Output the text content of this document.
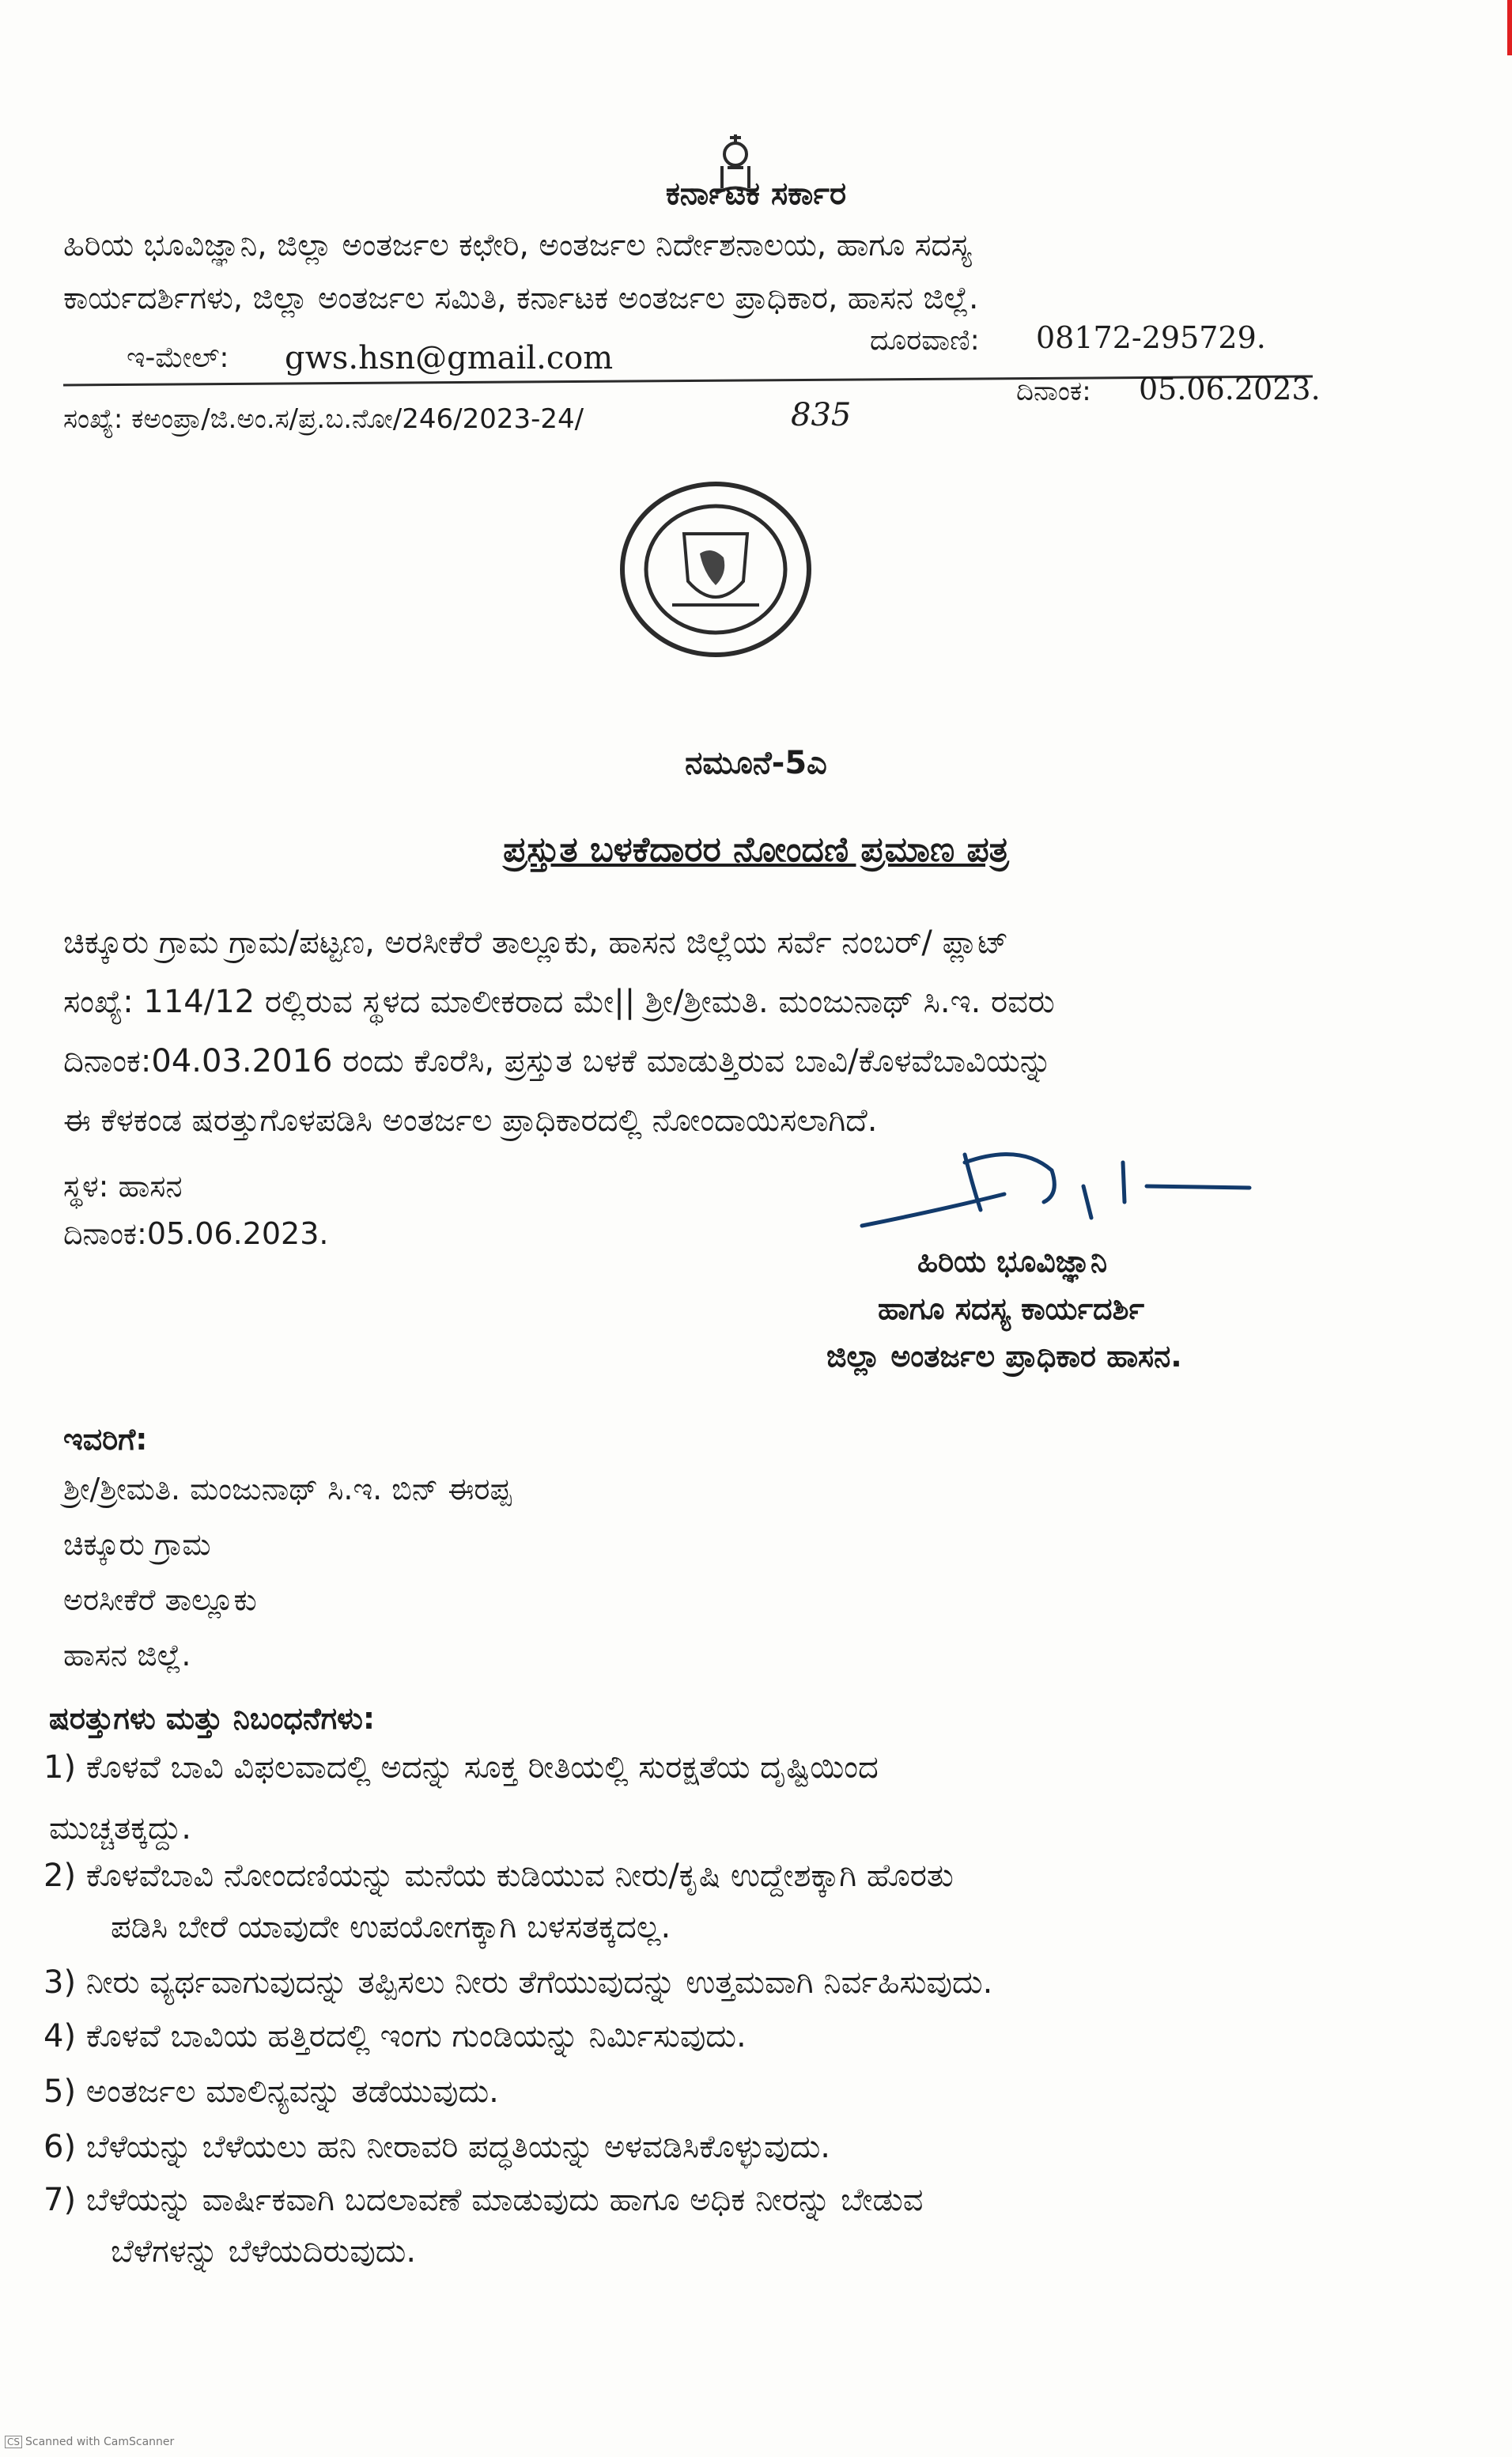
ಕರ್ನಾಟಕ ಸರ್ಕಾರ
ಹಿರಿಯ ಭೂವಿಜ್ಞಾನಿ, ಜಿಲ್ಲಾ ಅಂತರ್ಜಲ ಕಛೇರಿ, ಅಂತರ್ಜಲ ನಿರ್ದೇಶನಾಲಯ, ಹಾಗೂ ಸದಸ್ಯ
ಕಾರ್ಯದರ್ಶಿಗಳು, ಜಿಲ್ಲಾ ಅಂತರ್ಜಲ ಸಮಿತಿ, ಕರ್ನಾಟಕ ಅಂತರ್ಜಲ ಪ್ರಾಧಿಕಾರ, ಹಾಸನ ಜಿಲ್ಲೆ.
ಇ-ಮೇಲ್: gws.hsn@gmail.com	ದೂರವಾಣಿ: 08172-295729.
ಸಂಖ್ಯೆ: ಕಅಂಪ್ರಾ/ಜಿ.ಅಂ.ಸ/ಪ್ರ.ಬ.ನೋ/246/2023-24/	835
ದಿನಾಂಕ: 05.06.2023.
ನಮೂನೆ-5ಎ
ಪ್ರಸ್ತುತ ಬಳಕೆದಾರರ ನೋಂದಣಿ ಪ್ರಮಾಣ ಪತ್ರ
ಚಿಕ್ಕೂರು ಗ್ರಾಮ ಗ್ರಾಮ/ಪಟ್ಟಣ, ಅರಸೀಕೆರೆ ತಾಲ್ಲೂಕು, ಹಾಸನ ಜಿಲ್ಲೆಯ ಸರ್ವೆ ನಂಬರ್/ ಪ್ಲಾಟ್
ಸಂಖ್ಯೆ: 114/12 ರಲ್ಲಿರುವ ಸ್ಥಳದ ಮಾಲೀಕರಾದ ಮೇ|| ಶ್ರೀ/ಶ್ರೀಮತಿ. ಮಂಜುನಾಥ್ ಸಿ.ಇ. ರವರು
ದಿನಾಂಕ:04.03.2016 ರಂದು ಕೊರೆಸಿ, ಪ್ರಸ್ತುತ ಬಳಕೆ ಮಾಡುತ್ತಿರುವ ಬಾವಿ/ಕೊಳವೆಬಾವಿಯನ್ನು
ಈ ಕೆಳಕಂಡ ಷರತ್ತುಗೊಳಪಡಿಸಿ ಅಂತರ್ಜಲ ಪ್ರಾಧಿಕಾರದಲ್ಲಿ ನೋಂದಾಯಿಸಲಾಗಿದೆ.
ಸ್ಥಳ: ಹಾಸನ
ದಿನಾಂಕ:05.06.2023.
ಹಿರಿಯ ಭೂವಿಜ್ಞಾನಿ
ಹಾಗೂ ಸದಸ್ಯ ಕಾರ್ಯದರ್ಶಿ
ಜಿಲ್ಲಾ ಅಂತರ್ಜಲ ಪ್ರಾಧಿಕಾರ ಹಾಸನ.
ಇವರಿಗೆ:
ಶ್ರೀ/ಶ್ರೀಮತಿ. ಮಂಜುನಾಥ್ ಸಿ.ಇ. ಬಿನ್ ಈರಪ್ಪ
ಚಿಕ್ಕೂರು ಗ್ರಾಮ
ಅರಸೀಕೆರೆ ತಾಲ್ಲೂಕು
ಹಾಸನ ಜಿಲ್ಲೆ.
ಷರತ್ತುಗಳು ಮತ್ತು ನಿಬಂಧನೆಗಳು:
1) ಕೊಳವೆ ಬಾವಿ ವಿಫಲವಾದಲ್ಲಿ ಅದನ್ನು ಸೂಕ್ತ ರೀತಿಯಲ್ಲಿ ಸುರಕ್ಷತೆಯ ದೃಷ್ಟಿಯಿಂದ
ಮುಚ್ಚತಕ್ಕದ್ದು.
2) ಕೊಳವೆಬಾವಿ ನೋಂದಣಿಯನ್ನು ಮನೆಯ ಕುಡಿಯುವ ನೀರು/ಕೃಷಿ ಉದ್ದೇಶಕ್ಕಾಗಿ ಹೊರತು
ಪಡಿಸಿ ಬೇರೆ ಯಾವುದೇ ಉಪಯೋಗಕ್ಕಾಗಿ ಬಳಸತಕ್ಕದಲ್ಲ.
3) ನೀರು ವ್ಯರ್ಥವಾಗುವುದನ್ನು ತಪ್ಪಿಸಲು ನೀರು ತೆಗೆಯುವುದನ್ನು ಉತ್ತಮವಾಗಿ ನಿರ್ವಹಿಸುವುದು.
4) ಕೊಳವೆ ಬಾವಿಯ ಹತ್ತಿರದಲ್ಲಿ ಇಂಗು ಗುಂಡಿಯನ್ನು ನಿರ್ಮಿಸುವುದು.
5) ಅಂತರ್ಜಲ ಮಾಲಿನ್ಯವನ್ನು ತಡೆಯುವುದು.
6) ಬೆಳೆಯನ್ನು ಬೆಳೆಯಲು ಹನಿ ನೀರಾವರಿ ಪದ್ಧತಿಯನ್ನು ಅಳವಡಿಸಿಕೊಳ್ಳುವುದು.
7) ಬೆಳೆಯನ್ನು ವಾರ್ಷಿಕವಾಗಿ ಬದಲಾವಣೆ ಮಾಡುವುದು ಹಾಗೂ ಅಧಿಕ ನೀರನ್ನು ಬೇಡುವ
ಬೆಳೆಗಳನ್ನು ಬೆಳೆಯದಿರುವುದು.
CS Scanned with CamScanner
